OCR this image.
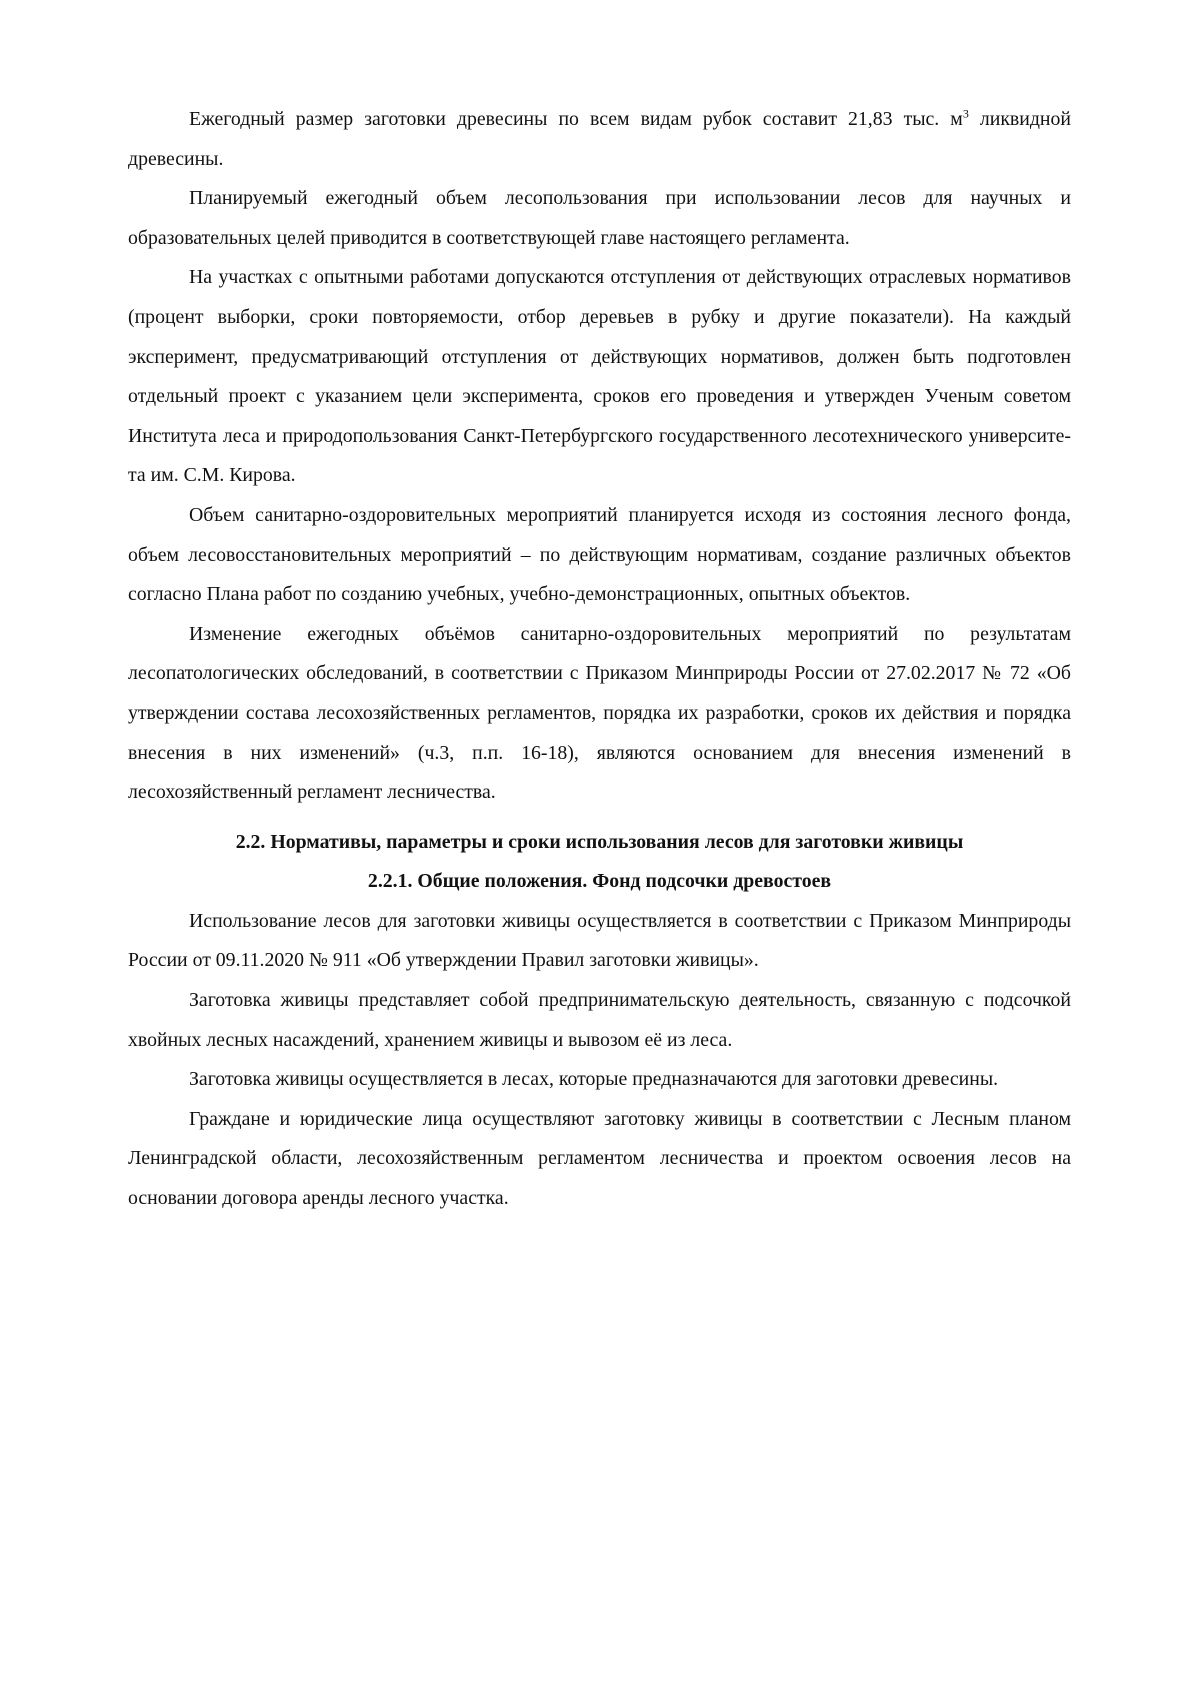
Ежегодный размер заготовки древесины по всем видам рубок составит 21,83 тыс. $м^3$ ликвидной древесины.

Планируемый ежегодный объем лесопользования при использовании лесов для научных и образовательных целей приводится в соответствующей главе настоящего регламента.

На участках с опытными работами допускаются отступления от действующих отраслевых нормативов (процент выборки, сроки повторяемости, отбор деревьев в рубку и другие показатели). На каждый эксперимент, предусматривающий отступления от действующих нормативов, должен быть подготовлен отдельный проект с указанием цели эксперимента, сроков его проведения и утвержден Ученым советом Института леса и природопользования Санкт-Петербургского государственного лесотехнического университета им. С.М. Кирова.

Объем санитарно-оздоровительных мероприятий планируется исходя из состояния лесного фонда, объем лесовосстановительных мероприятий – по действующим нормативам, создание различных объектов согласно Плана работ по созданию учебных, учебно-демонстрационных, опытных объектов.

Изменение ежегодных объёмов санитарно-оздоровительных мероприятий по результатам лесопатологических обследований, в соответствии с Приказом Минприроды России от 27.02.2017 № 72 «Об утверждении состава лесохозяйственных регламентов, порядка их разработки, сроков их действия и порядка внесения в них изменений» (ч.3, п.п. 16-18), являются основанием для внесения изменений в лесохозяйственный регламент лесничества.

2.2. Нормативы, параметры и сроки использования лесов для заготовки живицы
2.2.1. Общие положения. Фонд подсочки древостоев

Использование лесов для заготовки живицы осуществляется в соответствии с Приказом Минприроды России от 09.11.2020 № 911 «Об утверждении Правил заготовки живицы».

Заготовка живицы представляет собой предпринимательскую деятельность, связанную с подсочкой хвойных лесных насаждений, хранением живицы и вывозом её из леса.

Заготовка живицы осуществляется в лесах, которые предназначаются для заготовки древесины.

Граждане и юридические лица осуществляют заготовку живицы в соответствии с Лесным планом Ленинградской области, лесохозяйственным регламентом лесничества и проектом освоения лесов на основании договора аренды лесного участка.
